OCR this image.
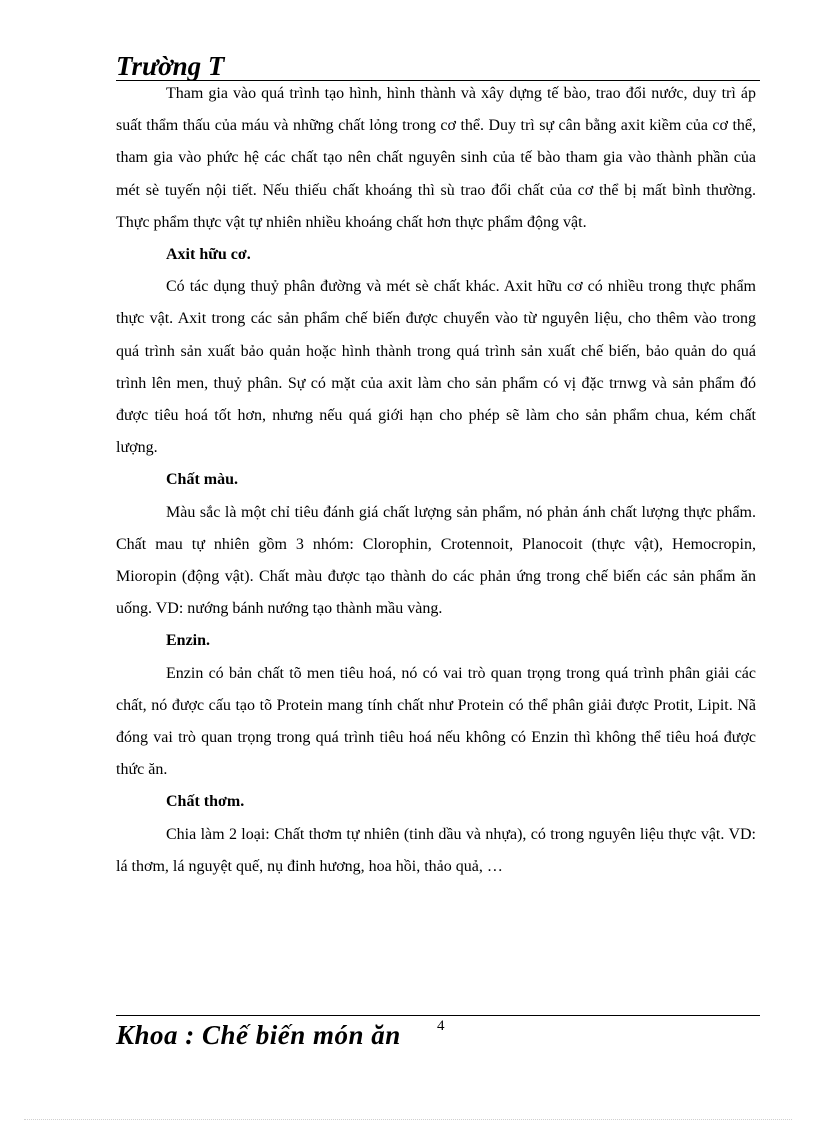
Trường T

Tham gia vào quá trình tạo hình, hình thành và xây dựng tế bào, trao đổi nước, duy trì áp suất thẩm thấu của máu và những chất lỏng trong cơ thể. Duy trì sự cân bằng axit kiềm của cơ thể, tham gia vào phức hệ các chất tạo nên chất nguyên sinh của tế bào tham gia vào thành phần của mét sè tuyến nội tiết. Nếu thiếu chất khoáng thì sù trao đổi chất của cơ thể bị mất bình thường. Thực phẩm thực vật tự nhiên nhiều khoáng chất hơn thực phẩm động vật.

Axit hữu cơ.

Có tác dụng thuỷ phân đường và mét sè chất khác. Axit hữu cơ có nhiều trong thực phẩm thực vật. Axit trong các sản phẩm chế biến được chuyển vào từ nguyên liệu, cho thêm vào trong quá trình sản xuất bảo quản hoặc hình thành trong quá trình sản xuất chế biến, bảo quản do quá trình lên men, thuỷ phân. Sự có mặt của axit làm cho sản phẩm có vị đặc trnwg và sản phẩm đó được tiêu hoá tốt hơn, nhưng nếu quá giới hạn cho phép sẽ làm cho sản phẩm chua, kém chất lượng.

Chất màu.

Màu sắc là một chỉ tiêu đánh giá chất lượng sản phẩm, nó phản ánh chất lượng thực phẩm. Chất mau tự nhiên gồm 3 nhóm: Clorophin, Crotennoit, Planocoit (thực vật), Hemocropin, Mioropin (động vật). Chất màu được tạo thành do các phản ứng trong chế biến các sản phẩm ăn uống. VD: nướng bánh nướng tạo thành mầu vàng.

Enzin.

Enzin có bản chất tõ men tiêu hoá, nó có vai trò quan trọng trong quá trình phân giải các chất, nó được cấu tạo tõ Protein mang tính chất như Protein có thể phân giải được Protit, Lipit. Nã đóng vai trò quan trọng trong quá trình tiêu hoá nếu không có Enzin thì không thể tiêu hoá được thức ăn.

Chất thơm.

Chia làm 2 loại: Chất thơm tự nhiên (tinh dầu và nhựa), có trong nguyên liệu thực vật. VD: lá thơm, lá nguyệt quế, nụ đinh hương, hoa hồi, thảo quả, …

Khoa : Chế biến món ăn 4
